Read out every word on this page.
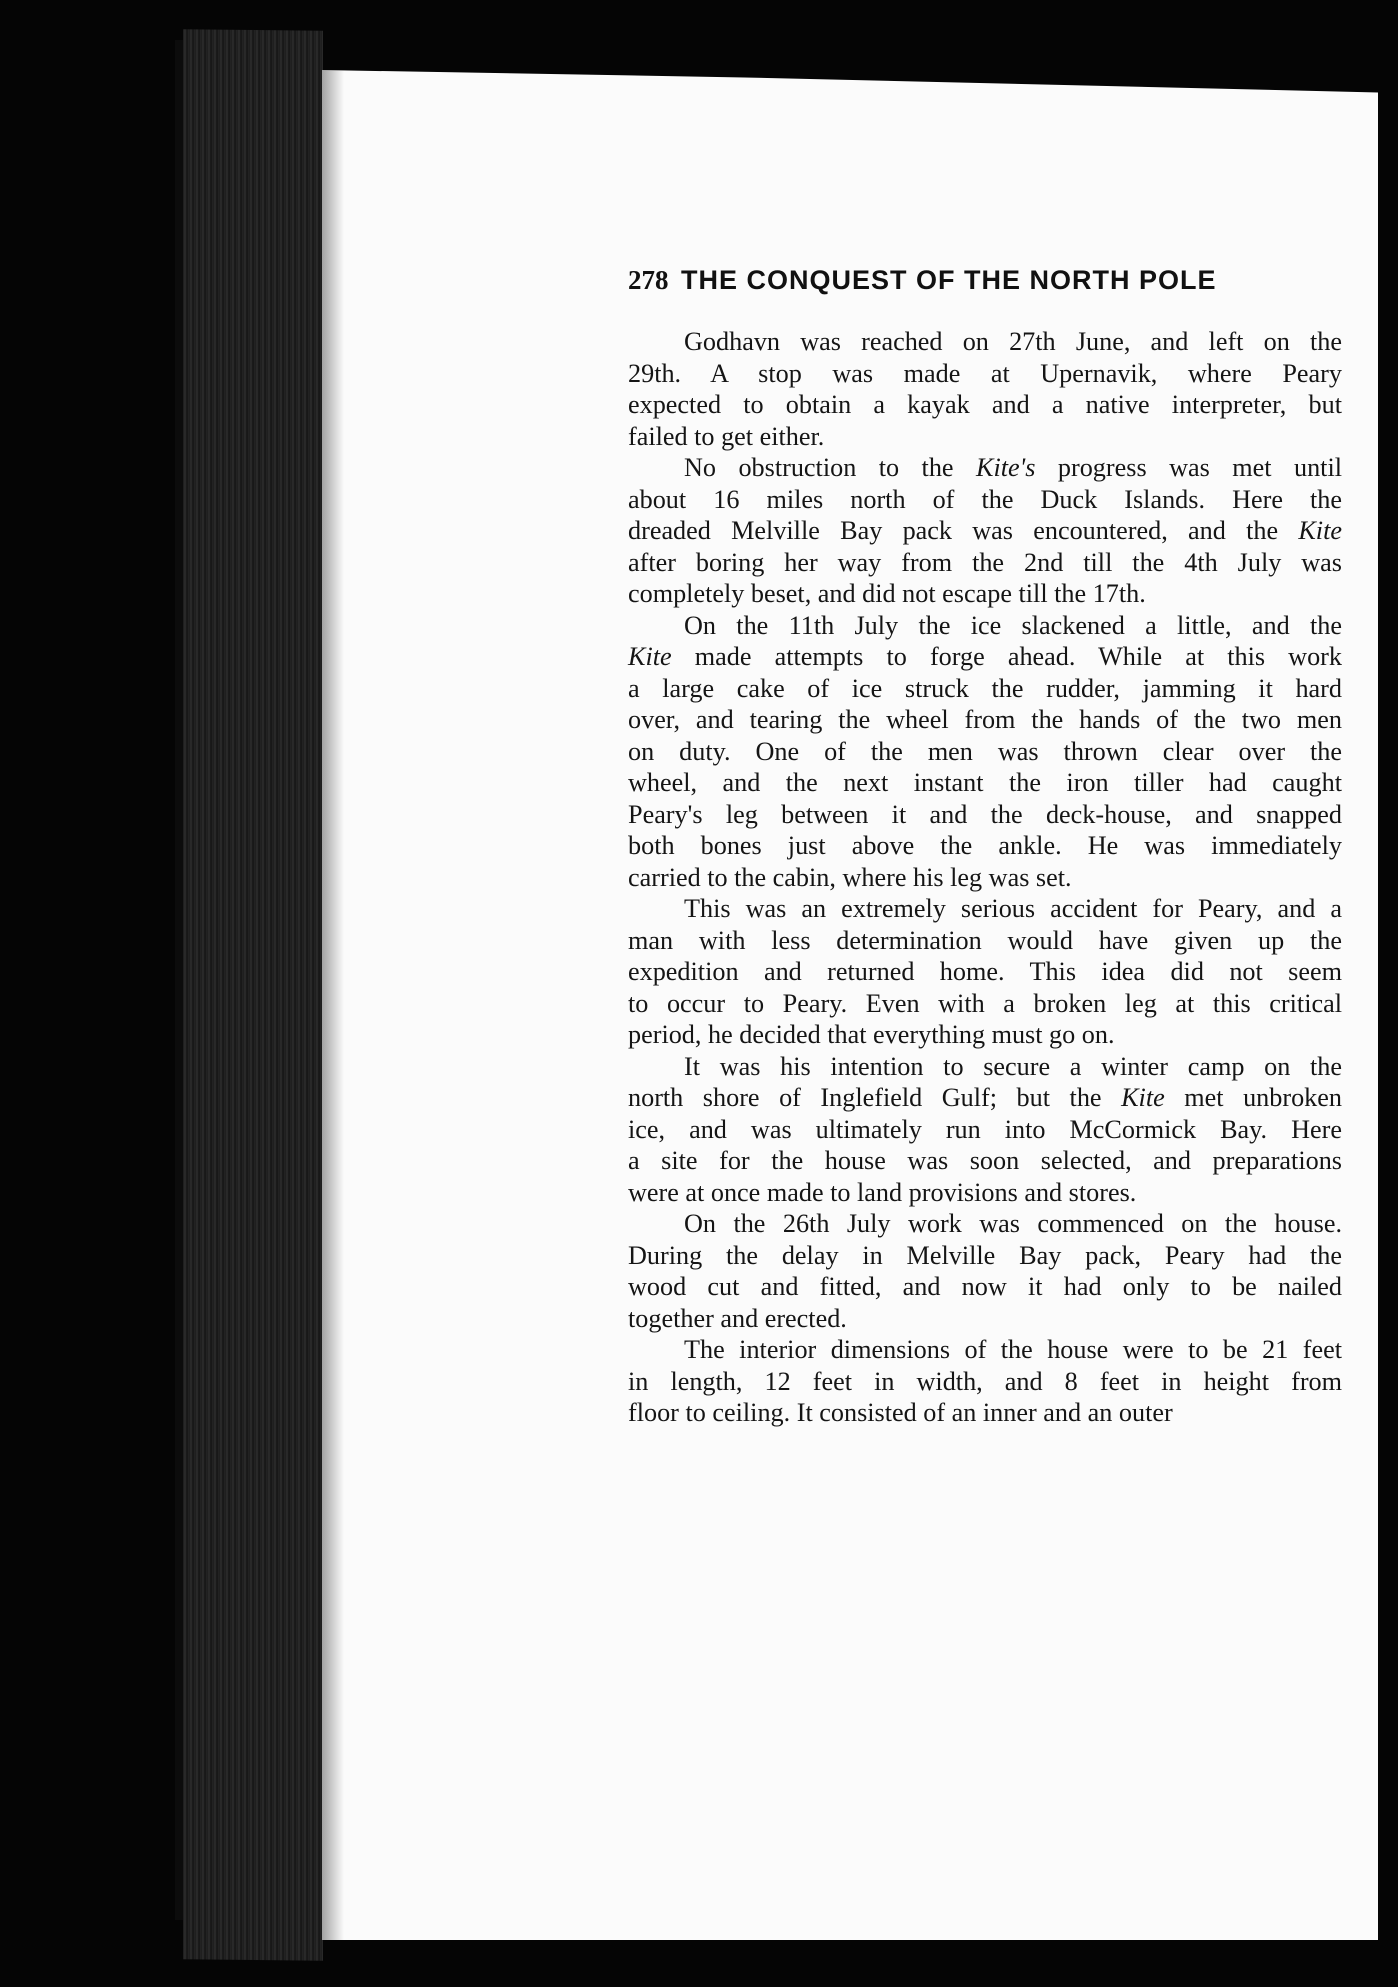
278 THE CONQUEST OF THE NORTH POLE

Godhavn was reached on 27th June, and left on the
29th. A stop was made at Upernavik, where Peary
expected to obtain a kayak and a native interpreter, but
failed to get either.

No obstruction to the Kite's progress was met until
about 16 miles north of the Duck Islands. Here the
dreaded Melville Bay pack was encountered, and the Kite
after boring her way from the 2nd till the 4th July was
completely beset, and did not escape till the 17th.

On the 11th July the ice slackened a little, and the
Kite made attempts to forge ahead. While at this work
a large cake of ice struck the rudder, jamming it hard
over, and tearing the wheel from the hands of the two men
on duty. One of the men was thrown clear over the
wheel, and the next instant the iron tiller had caught
Peary's leg between it and the deck-house, and snapped
both bones just above the ankle. He was immediately
carried to the cabin, where his leg was set.

This was an extremely serious accident for Peary, and a
man with less determination would have given up the
expedition and returned home. This idea did not seem
to occur to Peary. Even with a broken leg at this critical
period, he decided that everything must go on.

It was his intention to secure a winter camp on the
north shore of Inglefield Gulf; but the Kite met unbroken
ice, and was ultimately run into McCormick Bay. Here
a site for the house was soon selected, and preparations
were at once made to land provisions and stores.

On the 26th July work was commenced on the house.
During the delay in Melville Bay pack, Peary had the
wood cut and fitted, and now it had only to be nailed
together and erected.

The interior dimensions of the house were to be 21 feet
in length, 12 feet in width, and 8 feet in height from
floor to ceiling. It consisted of an inner and an outer
